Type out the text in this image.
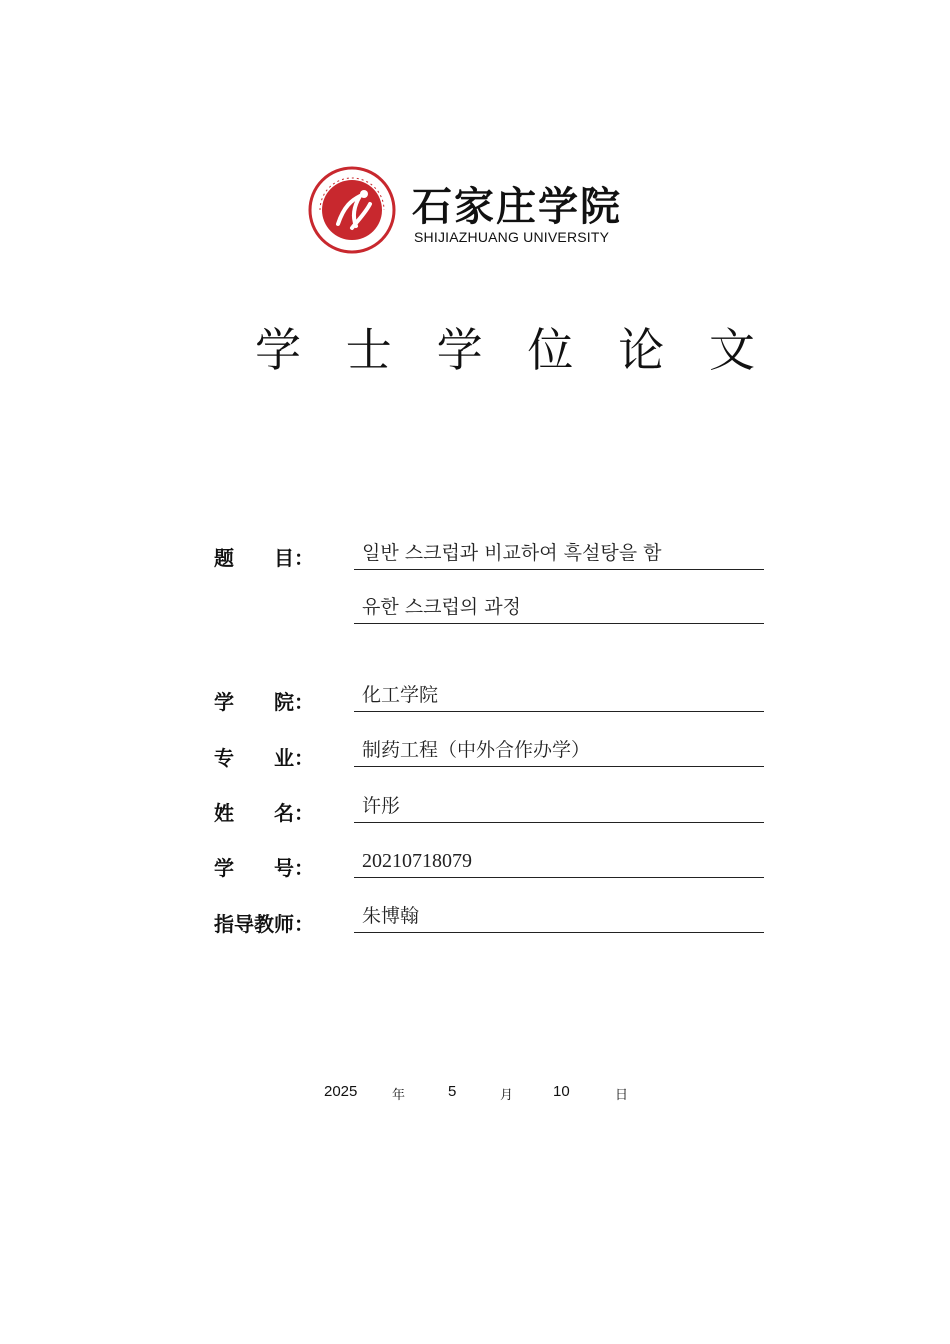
石家庄学院
SHIJIAZHUANG UNIVERSITY
学 士 学 位 论 文
题 目：	일반 스크럽과 비교하여 흑설탕을 함
유한 스크럽의 과정
学 院：	化工学院
专 业：	制药工程（中外合作办学）
姓 名：	许彤
学 号：	20210718079
指导教师：	朱博翰
2025	年	5	月	10	日
